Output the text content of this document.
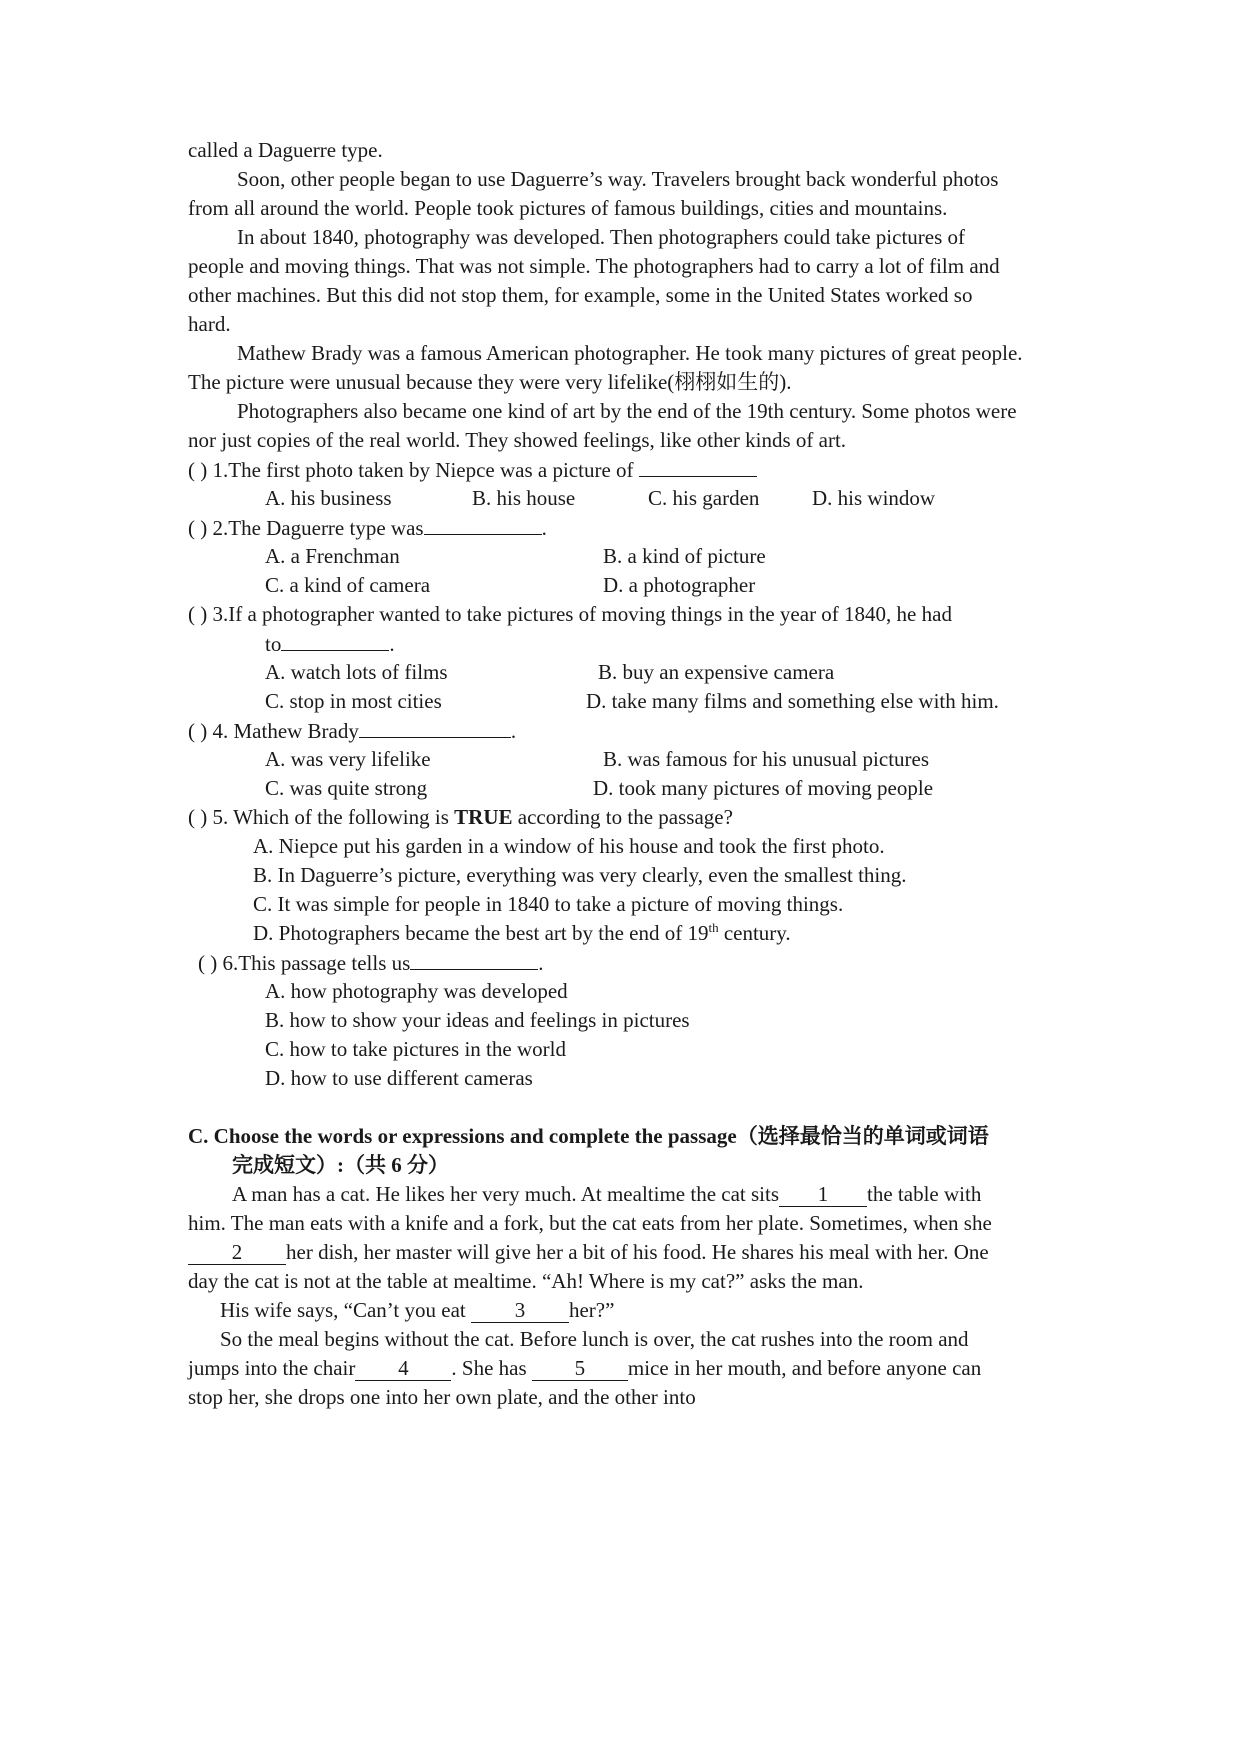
called a Daguerre type.
Soon, other people began to use Daguerre’s way. Travelers brought back wonderful photos
from all around the world. People took pictures of famous buildings, cities and mountains.
In about 1840, photography was developed. Then photographers could take pictures of
people and moving things. That was not simple. The photographers had to carry a lot of film and
other machines. But this did not stop them, for example, some in the United States worked so
hard.
Mathew Brady was a famous American photographer. He took many pictures of great people.
The picture were unusual because they were very lifelike(栩栩如生的).
Photographers also became one kind of art by the end of the 19th century. Some photos were
nor just copies of the real world. They showed feelings, like other kinds of art.
( ) 1.The first photo taken by Niepce was a picture of
A. his business	B. his house	C. his garden	D. his window
( ) 2.The Daguerre type was	.
A. a Frenchman	B. a kind of picture
C. a kind of camera	D. a photographer
( ) 3.If a photographer wanted to take pictures of moving things in the year of 1840, he had
to	.
A. watch lots of films	B. buy an expensive camera
C. stop in most cities	D. take many films and something else with him.
( ) 4. Mathew Brady	.
A. was very lifelike	B. was famous for his unusual pictures
C. was quite strong	D. took many pictures of moving people
( ) 5. Which of the following is TRUE according to the passage?
A. Niepce put his garden in a window of his house and took the first photo.
B. In Daguerre’s picture, everything was very clearly, even the smallest thing.
C. It was simple for people in 1840 to take a picture of moving things.
D. Photographers became the best art by the end of 19th century.
( ) 6.This passage tells us	.
A. how photography was developed
B. how to show your ideas and feelings in pictures
C. how to take pictures in the world
D. how to use different cameras
C. Choose the words or expressions and complete the passage（选择最恰当的单词或词语
完成短文）:（共 6 分）
A man has a cat. He likes her very much. At mealtime the cat sits 1 the table with
him. The man eats with a knife and a fork, but the cat eats from her plate. Sometimes, when she
2 her dish, her master will give her a bit of his food. He shares his meal with her. One
day the cat is not at the table at mealtime. “Ah! Where is my cat?” asks the man.
His wife says, “Can’t you eat 3 her?”
So the meal begins without the cat. Before lunch is over, the cat rushes into the room and
jumps into the chair 4 . She has 5 mice in her mouth, and before anyone can
stop her, she drops one into her own plate, and the other into
